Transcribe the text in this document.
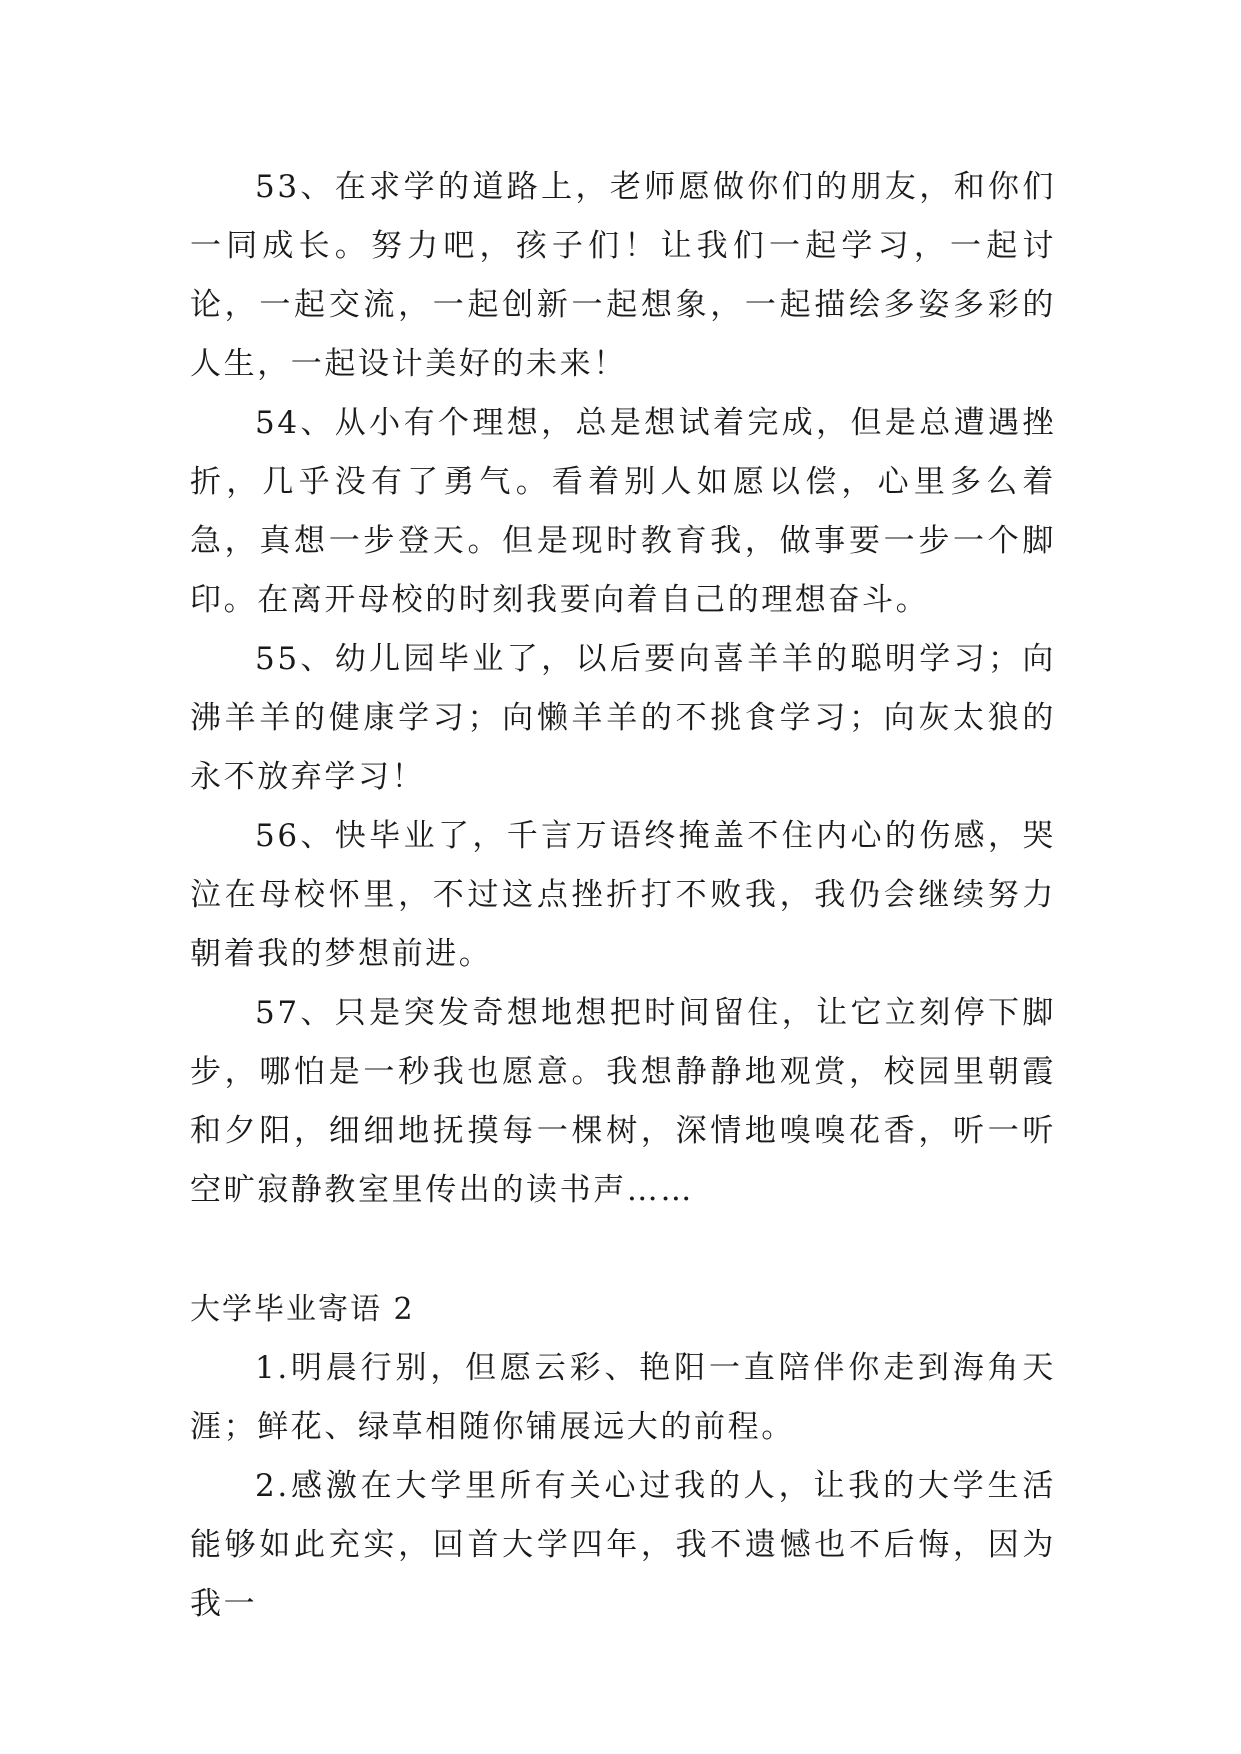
53、在求学的道路上，老师愿做你们的朋友，和你们一同成长。努力吧，孩子们！让我们一起学习，一起讨论，一起交流，一起创新一起想象，一起描绘多姿多彩的人生，一起设计美好的未来！

54、从小有个理想，总是想试着完成，但是总遭遇挫折，几乎没有了勇气。看着别人如愿以偿，心里多么着急，真想一步登天。但是现时教育我，做事要一步一个脚印。在离开母校的时刻我要向着自己的理想奋斗。

55、幼儿园毕业了，以后要向喜羊羊的聪明学习；向沸羊羊的健康学习；向懒羊羊的不挑食学习；向灰太狼的永不放弃学习！

56、快毕业了，千言万语终掩盖不住内心的伤感，哭泣在母校怀里，不过这点挫折打不败我，我仍会继续努力朝着我的梦想前进。

57、只是突发奇想地想把时间留住，让它立刻停下脚步，哪怕是一秒我也愿意。我想静静地观赏，校园里朝霞和夕阳，细细地抚摸每一棵树，深情地嗅嗅花香，听一听空旷寂静教室里传出的读书声……

大学毕业寄语 2

1.明晨行别，但愿云彩、艳阳一直陪伴你走到海角天涯；鲜花、绿草相随你铺展远大的前程。

2.感激在大学里所有关心过我的人，让我的大学生活能够如此充实，回首大学四年，我不遗憾也不后悔，因为我一
